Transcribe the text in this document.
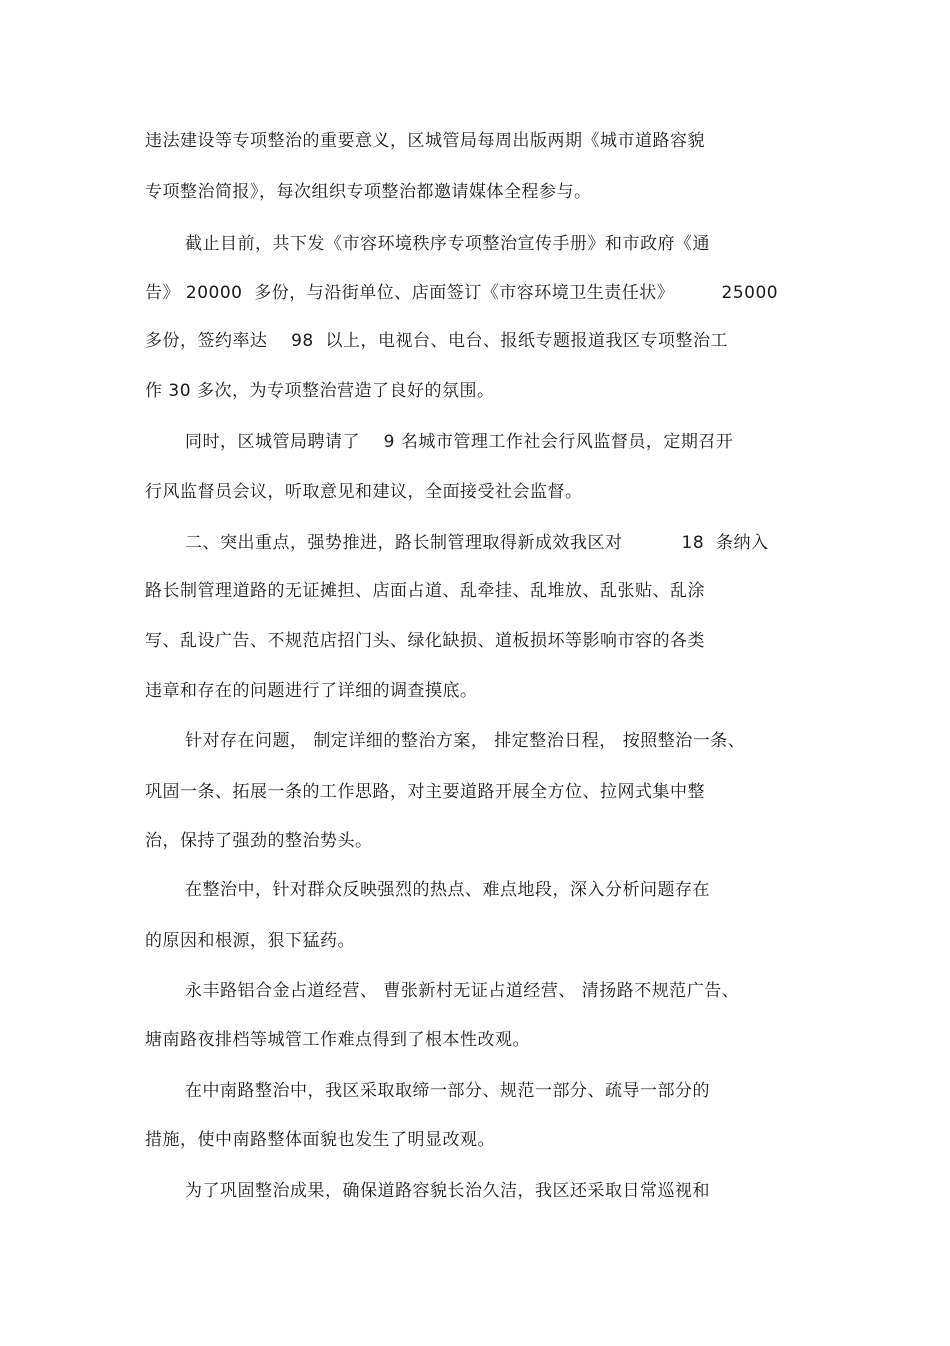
违法建设等专项整治的重要意义，区城管局每周出版两期《城市道路容貌
专项整治简报》，每次组织专项整治都邀请媒体全程参与。
截止目前，共下发《市容环境秩序专项整治宣传手册》和市政府《通
告》 20000  多份，与沿街单位、店面签订《市容环境卫生责任状》        25000
多份，签约率达    98  以上，电视台、电台、报纸专题报道我区专项整治工
作 30 多次，为专项整治营造了良好的氛围。
同时，区城管局聘请了    9 名城市管理工作社会行风监督员，定期召开
行风监督员会议，听取意见和建议，全面接受社会监督。
二、突出重点，强势推进，路长制管理取得新成效我区对          18  条纳入
路长制管理道路的无证摊担、店面占道、乱牵挂、乱堆放、乱张贴、乱涂
写、乱设广告、不规范店招门头、绿化缺损、道板损坏等影响市容的各类
违章和存在的问题进行了详细的调查摸底。
针对存在问题， 制定详细的整治方案， 排定整治日程， 按照整治一条、
巩固一条、拓展一条的工作思路，对主要道路开展全方位、拉网式集中整
治，保持了强劲的整治势头。
在整治中，针对群众反映强烈的热点、难点地段，深入分析问题存在
的原因和根源，狠下猛药。
永丰路铝合金占道经营、 曹张新村无证占道经营、 清扬路不规范广告、
塘南路夜排档等城管工作难点得到了根本性改观。
在中南路整治中，我区采取取缔一部分、规范一部分、疏导一部分的
措施，使中南路整体面貌也发生了明显改观。
为了巩固整治成果，确保道路容貌长治久洁，我区还采取日常巡视和
